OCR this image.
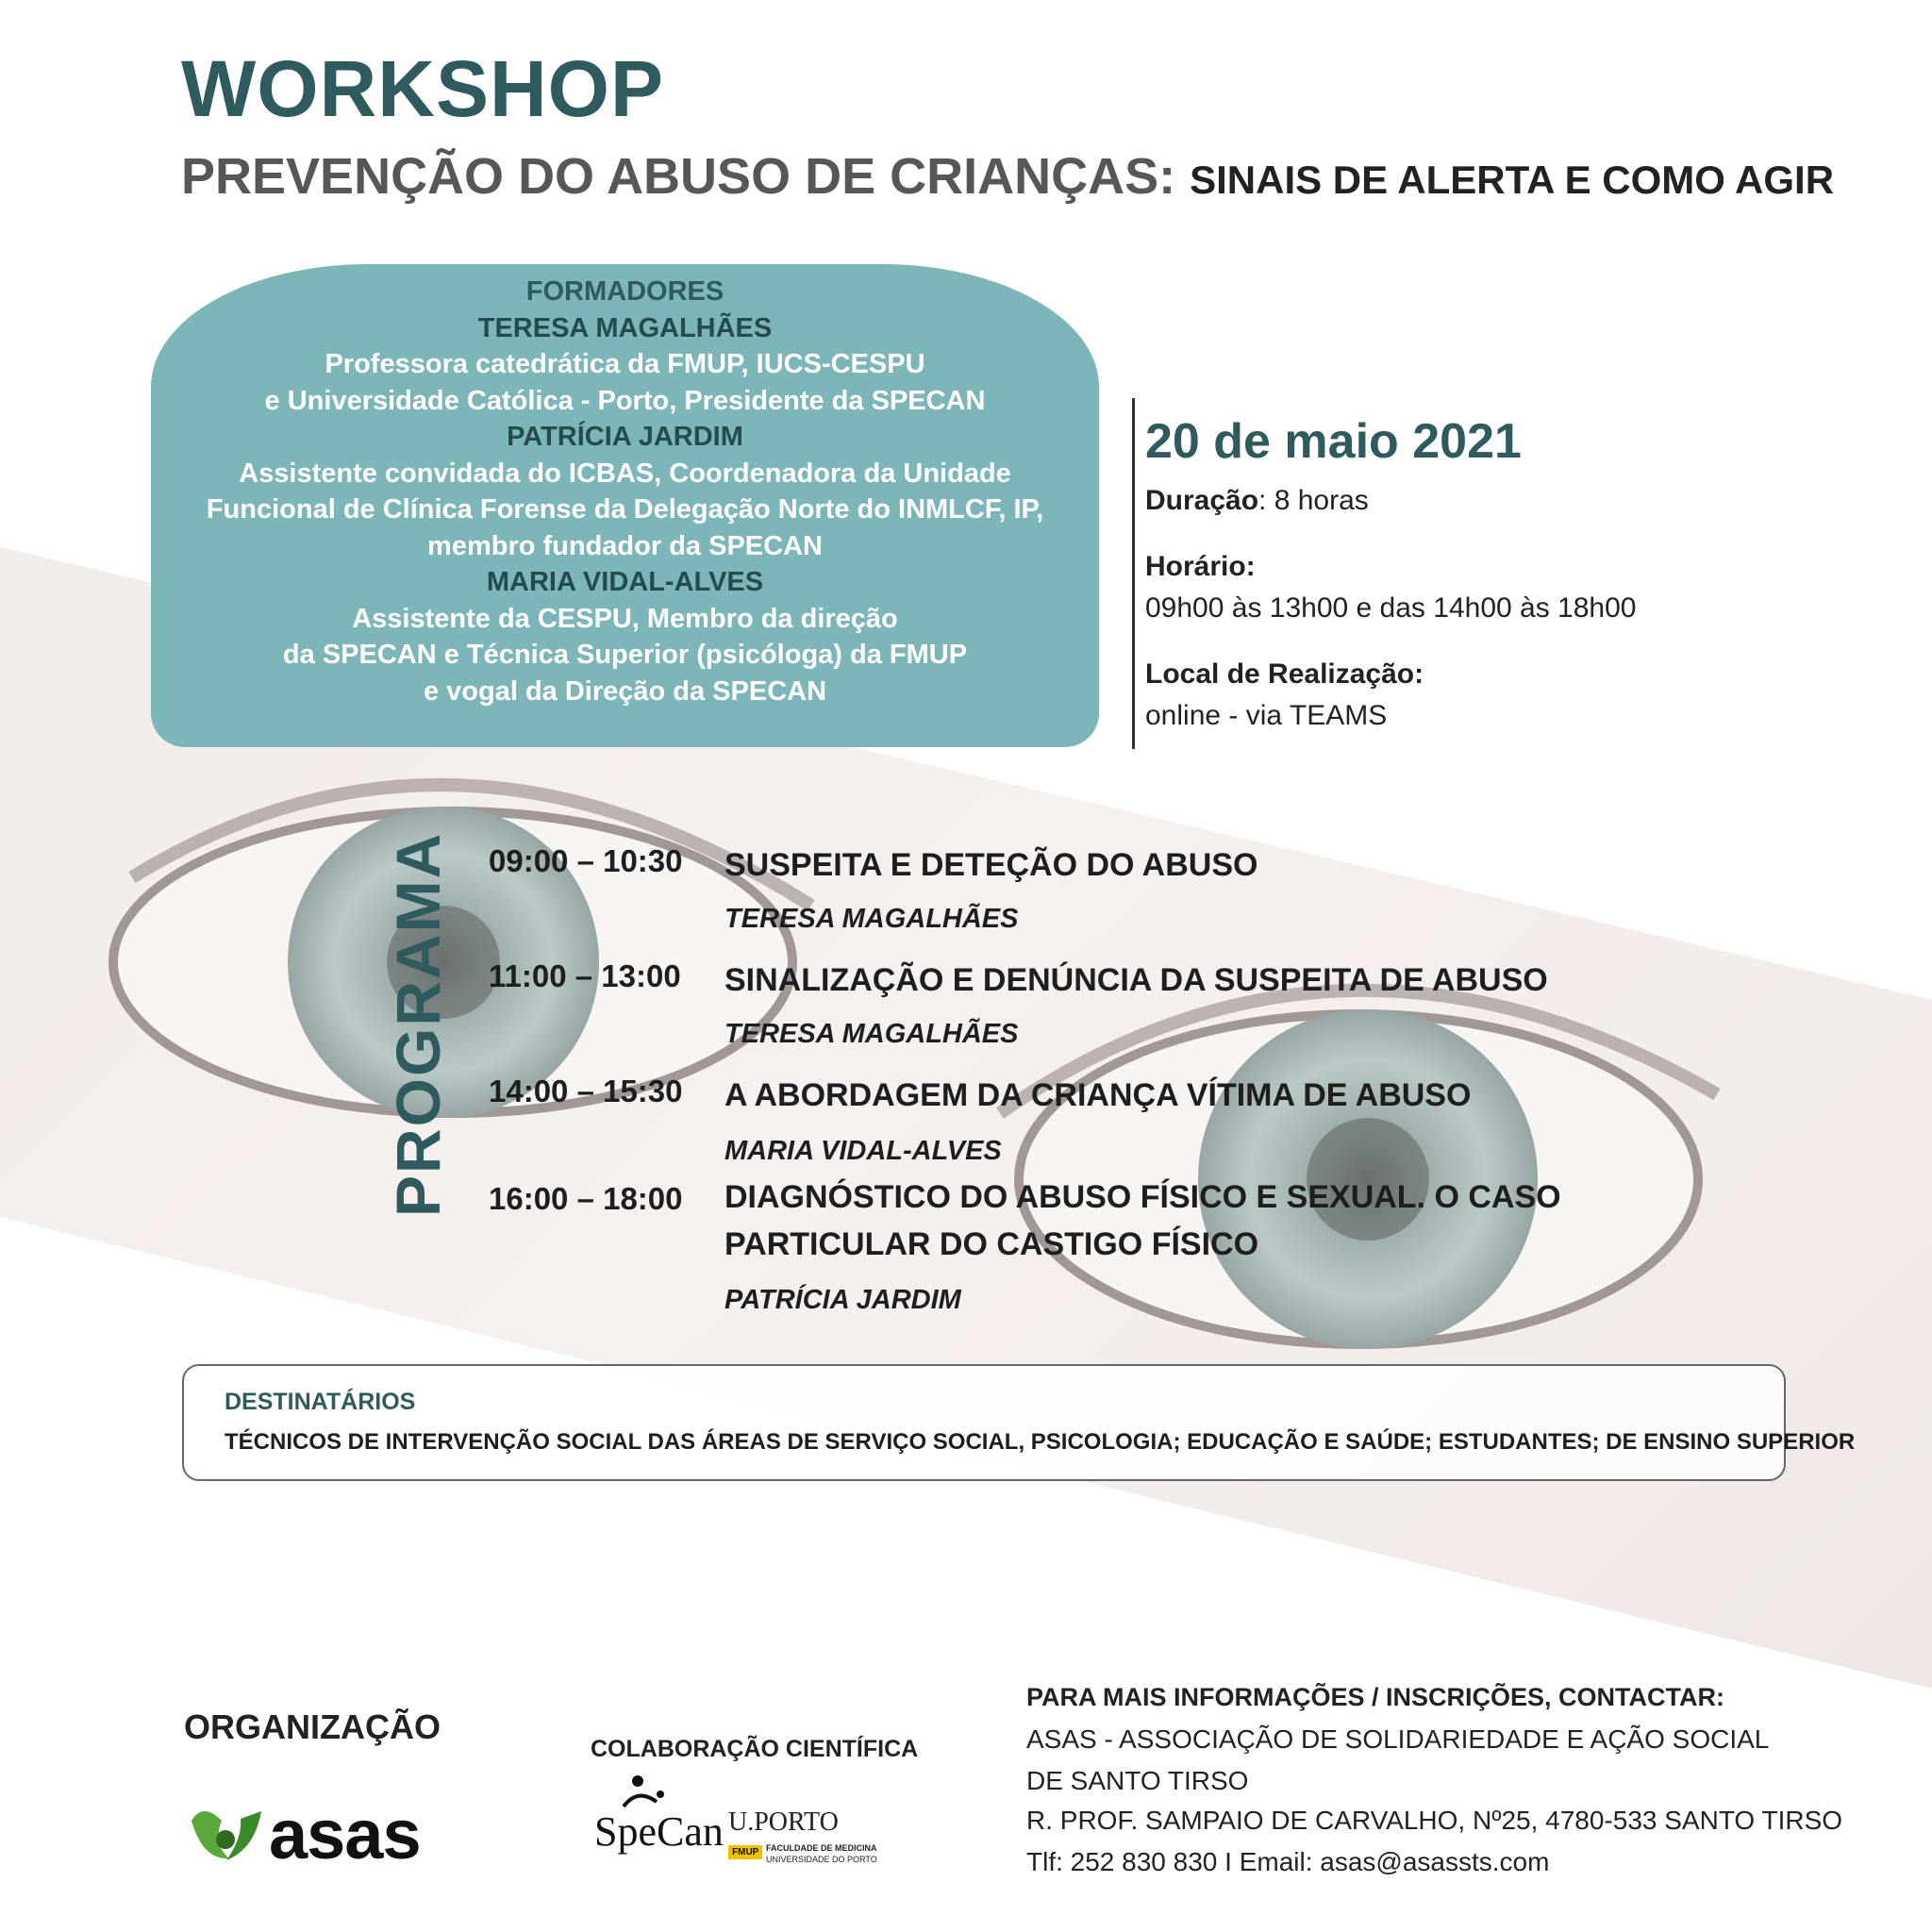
WORKSHOP
PREVENÇÃO DO ABUSO DE CRIANÇAS: SINAIS DE ALERTA E COMO AGIR
FORMADORES
TERESA MAGALHÃES
Professora catedrática da FMUP, IUCS-CESPU
e Universidade Católica - Porto, Presidente da SPECAN
PATRÍCIA JARDIM
Assistente convidada do ICBAS, Coordenadora da Unidade
Funcional de Clínica Forense da Delegação Norte do INMLCF, IP,
membro fundador da SPECAN
MARIA VIDAL-ALVES
Assistente da CESPU, Membro da direção
da SPECAN e Técnica Superior (psicóloga) da FMUP
e vogal da Direção da SPECAN
20 de maio 2021
Duração: 8 horas
Horário:
09h00 às 13h00 e das 14h00 às 18h00
Local de Realização:
online - via TEAMS
PROGRAMA 09:00 – 10:30 SUSPEITA E DETEÇÃO DO ABUSO
TERESA MAGALHÃES
11:00 – 13:00 SINALIZAÇÃO E DENÚNCIA DA SUSPEITA DE ABUSO
TERESA MAGALHÃES
14:00 – 15:30 A ABORDAGEM DA CRIANÇA VÍTIMA DE ABUSO
MARIA VIDAL-ALVES
16:00 – 18:00 DIAGNÓSTICO DO ABUSO FÍSICO E SEXUAL. O CASO
PARTICULAR DO CASTIGO FÍSICO
PATRÍCIA JARDIM
DESTINATÁRIOS
TÉCNICOS DE INTERVENÇÃO SOCIAL DAS ÁREAS DE SERVIÇO SOCIAL, PSICOLOGIA; EDUCAÇÃO E SAÚDE; ESTUDANTES; DE ENSINO SUPERIOR
ORGANIZAÇÃO
asas
COLABORAÇÃO CIENTÍFICA
SpeCan U.PORTO
FMUP FACULDADE DE MEDICINA
UNIVERSIDADE DO PORTO
PARA MAIS INFORMAÇÕES / INSCRIÇÕES, CONTACTAR:
ASAS - ASSOCIAÇÃO DE SOLIDARIEDADE E AÇÃO SOCIAL
DE SANTO TIRSO
R. PROF. SAMPAIO DE CARVALHO, Nº25, 4780-533 SANTO TIRSO
Tlf: 252 830 830 I Email: asas@asassts.com
